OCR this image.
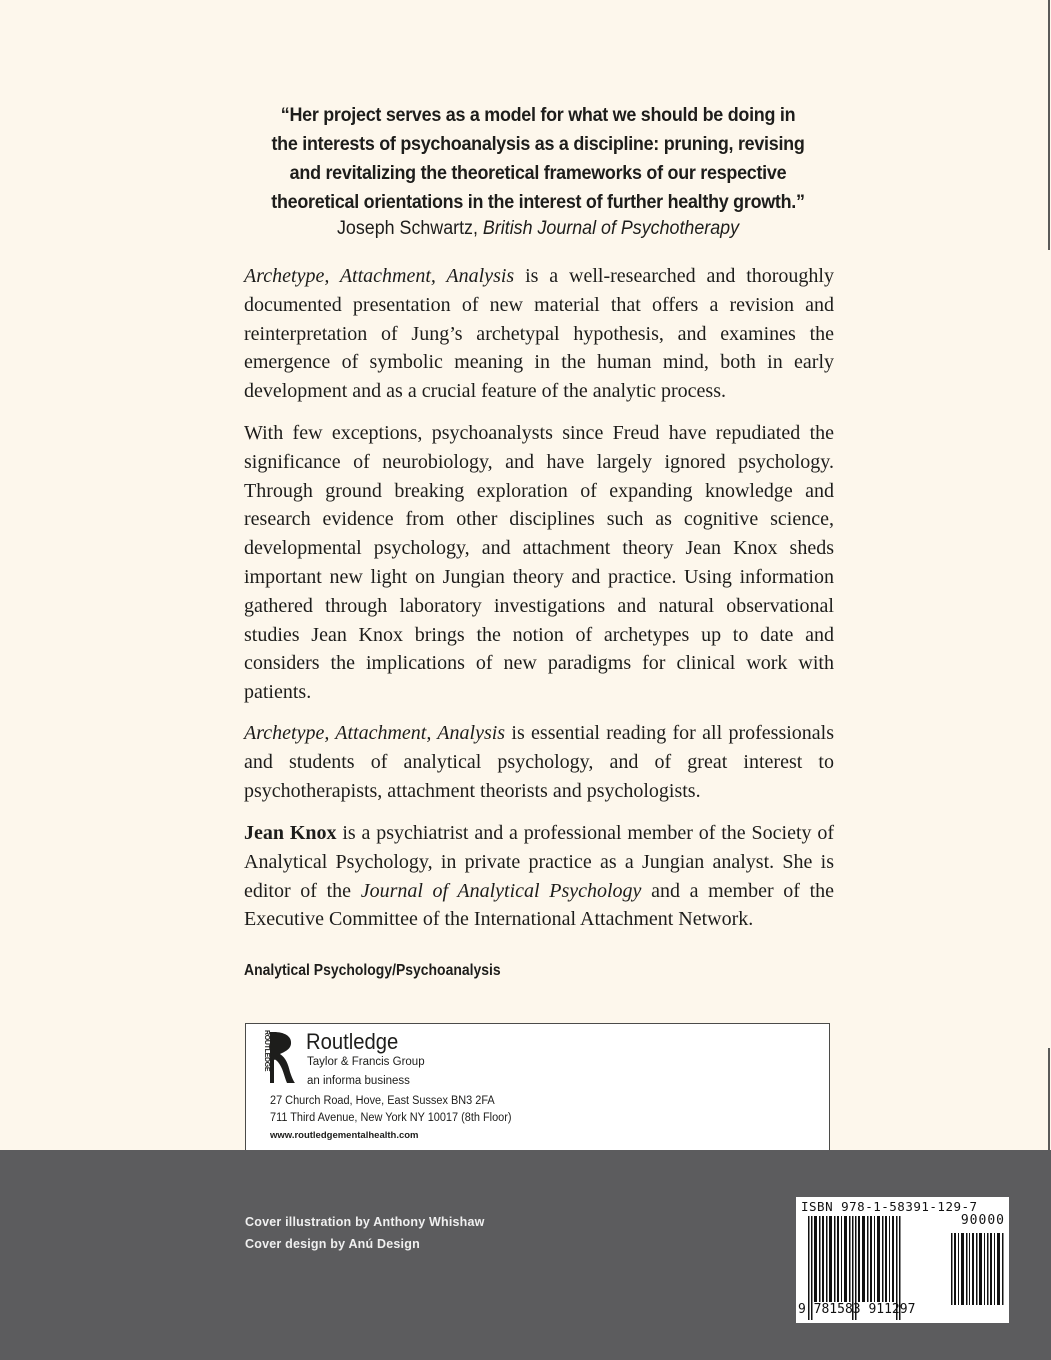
“Her project serves as a model for what we should be doing in the interests of psychoanalysis as a discipline: pruning, revising and revitalizing the theoretical frameworks of our respective theoretical orientations in the interest of further healthy growth.”
Joseph Schwartz, British Journal of Psychotherapy

Archetype, Attachment, Analysis is a well-researched and thoroughly documented presentation of new material that offers a revision and reinterpretation of Jung’s archetypal hypothesis, and examines the emergence of symbolic meaning in the human mind, both in early development and as a crucial feature of the analytic process.

With few exceptions, psychoanalysts since Freud have repudiated the significance of neurobiology, and have largely ignored psychology. Through ground breaking exploration of expanding knowledge and research evidence from other disciplines such as cognitive science, developmental psychology, and attachment theory Jean Knox sheds important new light on Jungian theory and practice. Using information gathered through laboratory investigations and natural observational studies Jean Knox brings the notion of archetypes up to date and considers the implications of new paradigms for clinical work with patients.

Archetype, Attachment, Analysis is essential reading for all professionals and students of analytical psychology, and of great interest to psychotherapists, attachment theorists and psychologists.

Jean Knox is a psychiatrist and a professional member of the Society of Analytical Psychology, in private practice as a Jungian analyst. She is editor of the Journal of Analytical Psychology and a member of the Executive Committee of the International Attachment Network.

Analytical Psychology/Psychoanalysis
ROUTLEDGE Routledge
Taylor & Francis Group
an informa business
27 Church Road, Hove, East Sussex BN3 2FA
711 Third Avenue, New York NY 10017 (8th Floor)
www.routledgementalhealth.com
Cover illustration by Anthony Whishaw
Cover design by Anú Design
ISBN 978-1-58391-129-7
90000
9 781583 911297
